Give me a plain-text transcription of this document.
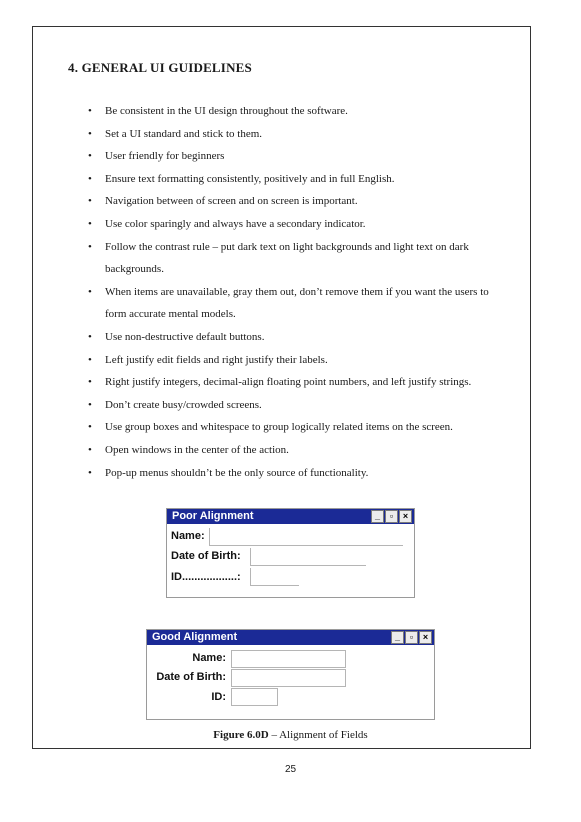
4. GENERAL UI GUIDELINES
• Be consistent in the UI design throughout the software.
• Set a UI standard and stick to them.
• User friendly for beginners
• Ensure text formatting consistently, positively and in full English.
• Navigation between of screen and on screen is important.
• Use color sparingly and always have a secondary indicator.
• Follow the contrast rule – put dark text on light backgrounds and light text on dark backgrounds.
• When items are unavailable, gray them out, don’t remove them if you want the users to form accurate mental models.
• Use non-destructive default buttons.
• Left justify edit fields and right justify their labels.
• Right justify integers, decimal-align floating point numbers, and left justify strings.
• Don’t create busy/crowded screens.
• Use group boxes and whitespace to group logically related items on the screen.
• Open windows in the center of the action.
• Pop-up menus shouldn’t be the only source of functionality.
Poor Alignment	_	▫	×
Name:
Date of Birth:
ID..................:
Good Alignment	_	▫	×
Name:
Date of Birth:
ID:
Figure 6.0D – Alignment of Fields
25
